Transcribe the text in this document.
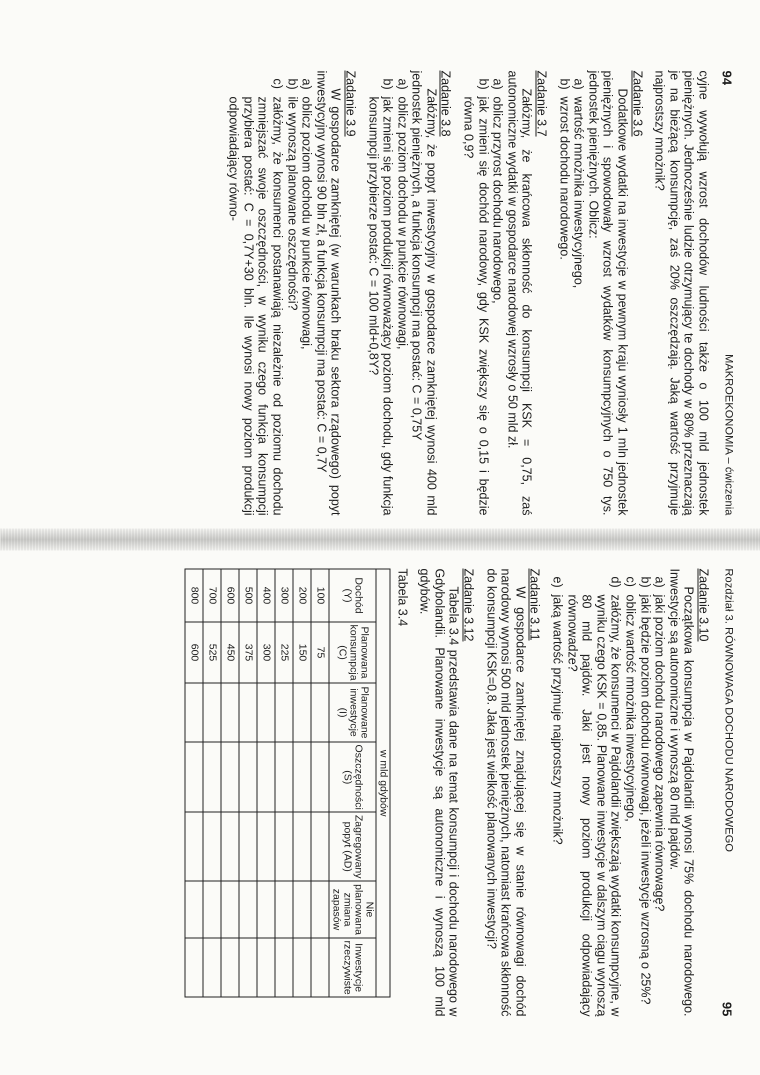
94
MAKROEKONOMIA – ćwiczenia

cyjne wywołują wzrost dochodów ludności także o 100 mld jednostek pieniężnych. Jednocześnie ludzie otrzymujący te dochody w 80% przeznaczają je na bieżącą konsumpcję, zaś 20% oszczędzają. Jaką wartość przyjmuje najprostszy mnożnik?

Zadanie 3.6

Dodatkowe wydatki na inwestycje w pewnym kraju wyniosły 1 mln jednostek pieniężnych i spowodowały wzrost wydatków konsumpcyjnych o 750 tys. jednostek pieniężnych. Oblicz:

a)
wartość mnożnika inwestycyjnego,
b)
wzrost dochodu narodowego.

Zadanie 3.7

Załóżmy, że krańcowa skłonność do konsumpcji KSK = 0,75, zaś autonomiczne wydatki w gospodarce narodowej wzrosły o 50 mld zł.

a)
oblicz przyrost dochodu narodowego,
b)
jak zmieni się dochód narodowy, gdy KSK zwiększy się o 0,15 i będzie równa 0,9?

Zadanie 3.8

Załóżmy, że popyt inwestycyjny w gospodarce zamkniętej wynosi 400 mld jednostek pieniężnych, a funkcja konsumpcji ma postać: C = 0,75Y

a)
oblicz poziom dochodu w punkcie równowagi,
b)
jak zmieni się poziom produkcji równoważący poziom dochodu, gdy funkcja konsumpcji przybierze postać: C = 100 mld+0,8Y?

Zadanie 3.9

W gospodarce zamkniętej (w warunkach braku sektora rządowego) popyt inwestycyjny wynosi 90 bln zł, a funkcja konsumpcji ma postać: C = 0,7Y

a)
oblicz poziom dochodu w punkcie równowagi,
b)
ile wynoszą planowane oszczędności?
c)
załóżmy, że konsumenci postanawiają niezależnie od poziomu dochodu zmniejszać swoje oszczędności, w wyniku czego funkcja konsumpcji przybiera postać: C = 0,7Y+30 bln. Ile wynosi nowy poziom produkcji odpowiadający równo-
Rozdział 3. RÓWNOWAGA DOCHODU NARODOWEGO
95

Zadanie 3.10

Początkowa konsumpcja w Pajdolandii wynosi 75% dochodu narodowego. Inwestycje są autonomiczne i wynoszą 80 mld pajdów.

a)
jaki poziom dochodu narodowego zapewnia równowagę?
b)
jaki będzie poziom dochodu równowagi, jeżeli inwestycje wzrosną o 25%?
c)
oblicz wartość mnożnika inwestycyjnego,
d)
załóżmy, że konsumenci w Pajdolandii zwiększają wydatki konsumpcyjne, w wyniku czego KSK = 0,85. Planowane inwestycje w dalszym ciągu wynoszą 80 mld pajdów. Jaki jest nowy poziom produkcji odpowiadający równowadze?
e)
jaką wartość przyjmuje najprostszy mnożnik?

Zadanie 3.11

W gospodarce zamkniętej znajdującej się w stanie równowagi dochód narodowy wynosi 500 mld jednostek pieniężnych, natomiast krańcowa skłonność do konsumpcji KSK=0,8. Jaka jest wielkość planowanych inwestycji?

Zadanie 3.12

Tabela 3.4 przedstawia dane na temat konsumpcji i dochodu narodowego w Gdybolandii. Planowane inwestycje są autonomiczne i wynoszą 100 mld gdybów.

Tabela 3.4

w mld gdybów						
Dochód (Y)	Planowana konsumpcja (C)	Planowane inwestycje (I)	Oszczędności (S)	Zagregowany popyt (AD)	Nie planowana zmiana zapasów	Inwestycje rzeczywiste
100	75					
200	150					
300	225					
400	300					
500	375					
600	450					
700	525					
800	600					
